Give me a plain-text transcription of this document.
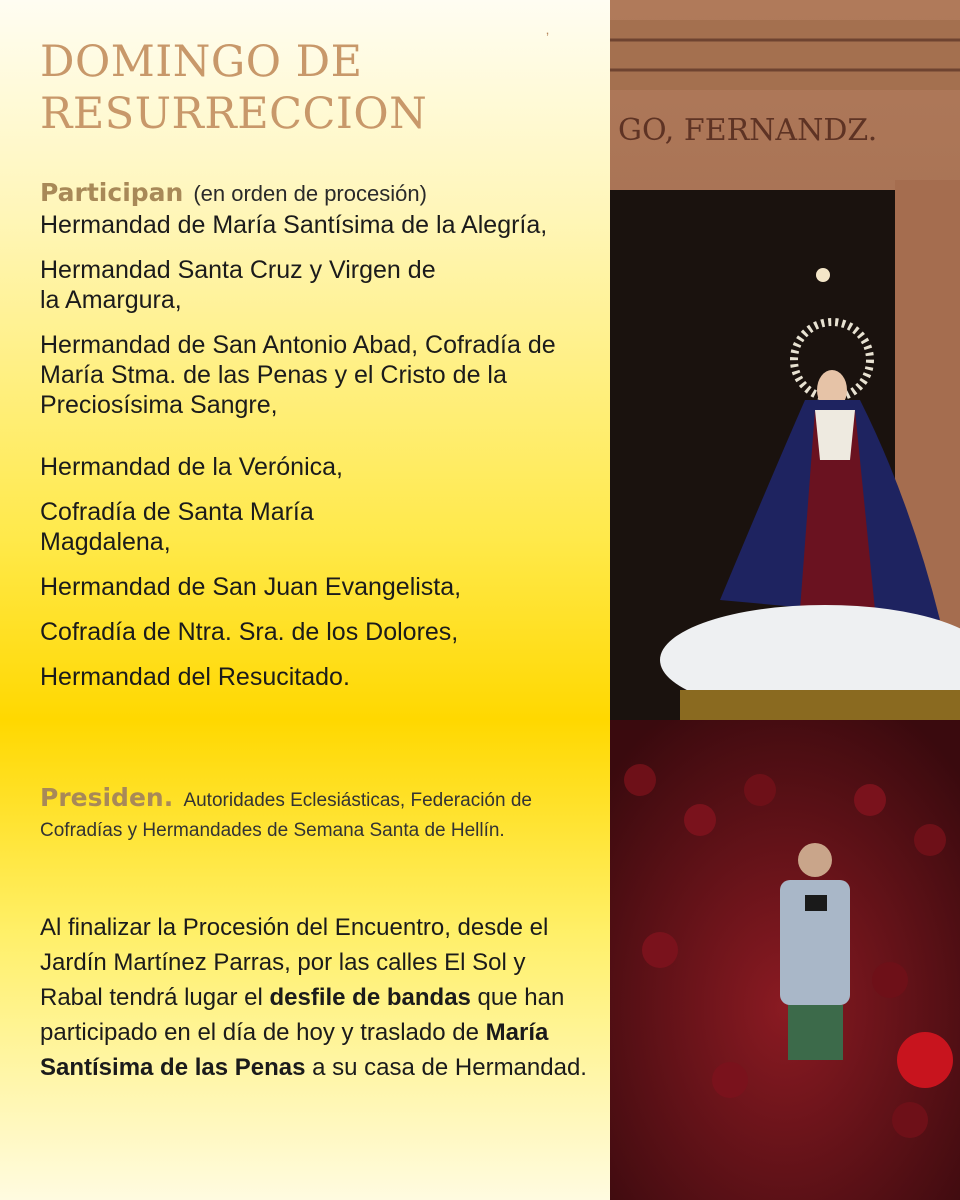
DOMINGO DE
RESURRECCION
ʼ
Participan (en orden de procesión)
Hermandad de María Santísima de la Alegría,
Hermandad Santa Cruz y Virgen de la Amargura,
Hermandad de San Antonio Abad, Cofradía de María Stma. de las Penas y el Cristo de la Preciosísima Sangre,
Hermandad de la Verónica,
Cofradía de Santa María Magdalena,
Hermandad de San Juan Evangelista,
Cofradía de Ntra. Sra. de los Dolores,
Hermandad del Resucitado.
Presiden. Autoridades Eclesiásticas, Federación de Cofradías y Hermandades de Semana Santa de Hellín.
Al finalizar la Procesión del Encuentro, desde el Jardín Martínez Parras, por las calles El Sol y Rabal tendrá lugar el desfile de bandas que han participado en el día de hoy y traslado de María Santísima de las Penas a su casa de Hermandad.
GO, FERNANDZ.
